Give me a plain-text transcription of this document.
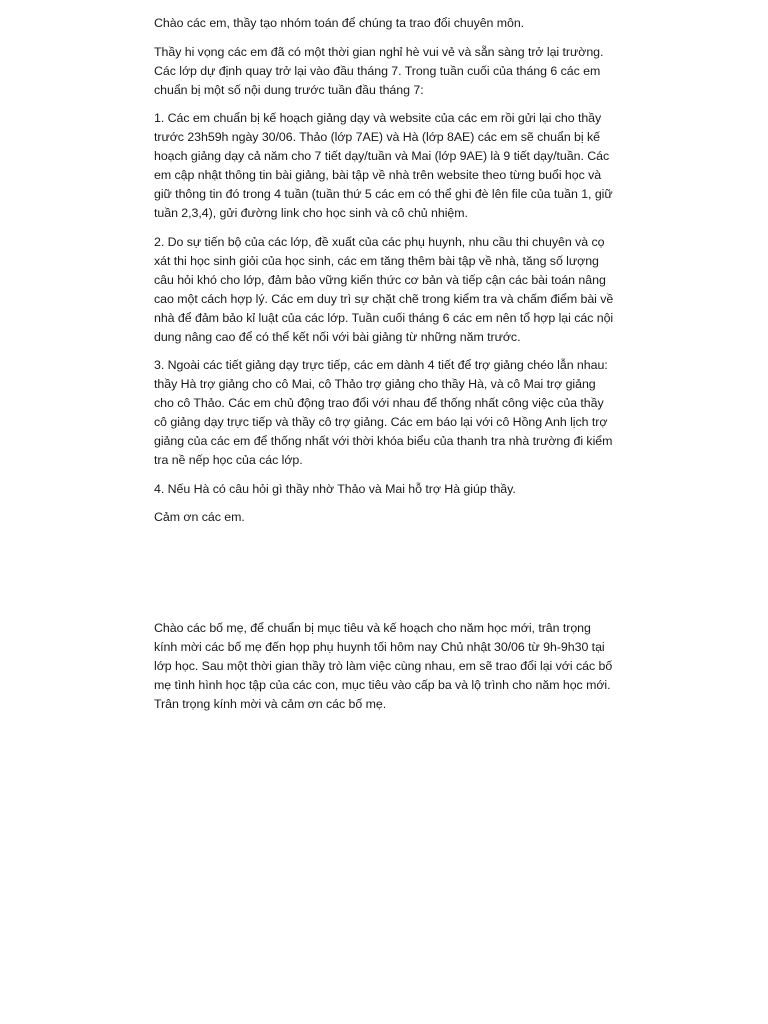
Chào các em, thầy tạo nhóm toán để chúng ta trao đổi chuyên môn.

Thầy hi vọng các em đã có một thời gian nghỉ hè vui vẻ và sẵn sàng trở lại trường. Các lớp dự định quay trở lại vào đầu tháng 7. Trong tuần cuối của tháng 6 các em chuẩn bị một số nội dung trước tuần đầu tháng 7:

1. Các em chuẩn bị kế hoạch giảng dạy và website của các em rồi gửi lại cho thầy trước 23h59h ngày 30/06. Thảo (lớp 7AE) và Hà (lớp 8AE) các em sẽ chuẩn bị kế hoạch giảng dạy cả năm cho 7 tiết dạy/tuần và Mai (lớp 9AE) là 9 tiết dạy/tuần. Các em cập nhật thông tin bài giảng, bài tập về nhà trên website theo từng buổi học và giữ thông tin đó trong 4 tuần (tuần thứ 5 các em có thể ghi đè lên file của tuần 1, giữ tuần 2,3,4), gửi đường link cho học sinh và cô chủ nhiệm.

2. Do sự tiến bộ của các lớp, đề xuất của các phụ huynh, nhu cầu thi chuyên và cọ xát thi học sinh giỏi của học sinh, các em tăng thêm bài tập về nhà, tăng số lượng câu hỏi khó cho lớp, đảm bảo vững kiến thức cơ bản và tiếp cận các bài toán nâng cao một cách hợp lý. Các em duy trì sự chặt chẽ trong kiểm tra và chấm điểm bài về nhà để đảm bảo kỉ luật của các lớp. Tuần cuối tháng 6 các em nên tổ hợp lại các nội dung nâng cao để có thể kết nối với bài giảng từ những năm trước.

3. Ngoài các tiết giảng dạy trực tiếp, các em dành 4 tiết để trợ giảng chéo lẫn nhau: thầy Hà trợ giảng cho cô Mai, cô Thảo trợ giảng cho thầy Hà, và cô Mai trợ giảng cho cô Thảo. Các em chủ động trao đổi với nhau để thống nhất công việc của thầy cô giảng dạy trực tiếp và thầy cô trợ giảng. Các em báo lại với cô Hồng Anh lịch trợ giảng của các em để thống nhất với thời khóa biểu của thanh tra nhà trường đi kiểm tra nề nếp học của các lớp.

4. Nếu Hà có câu hỏi gì thầy nhờ Thảo và Mai hỗ trợ Hà giúp thầy.

Cảm ơn các em.

Chào các bố mẹ, để chuẩn bị mục tiêu và kế hoạch cho năm học mới, trân trọng kính mời các bố mẹ đến họp phụ huynh tối hôm nay Chủ nhật 30/06 từ 9h-9h30 tại lớp học. Sau một thời gian thầy trò làm việc cùng nhau, em sẽ trao đổi lại với các bố mẹ tình hình học tập của các con, mục tiêu vào cấp ba và lộ trình cho năm học mới. Trân trọng kính mời và cảm ơn các bố mẹ.
